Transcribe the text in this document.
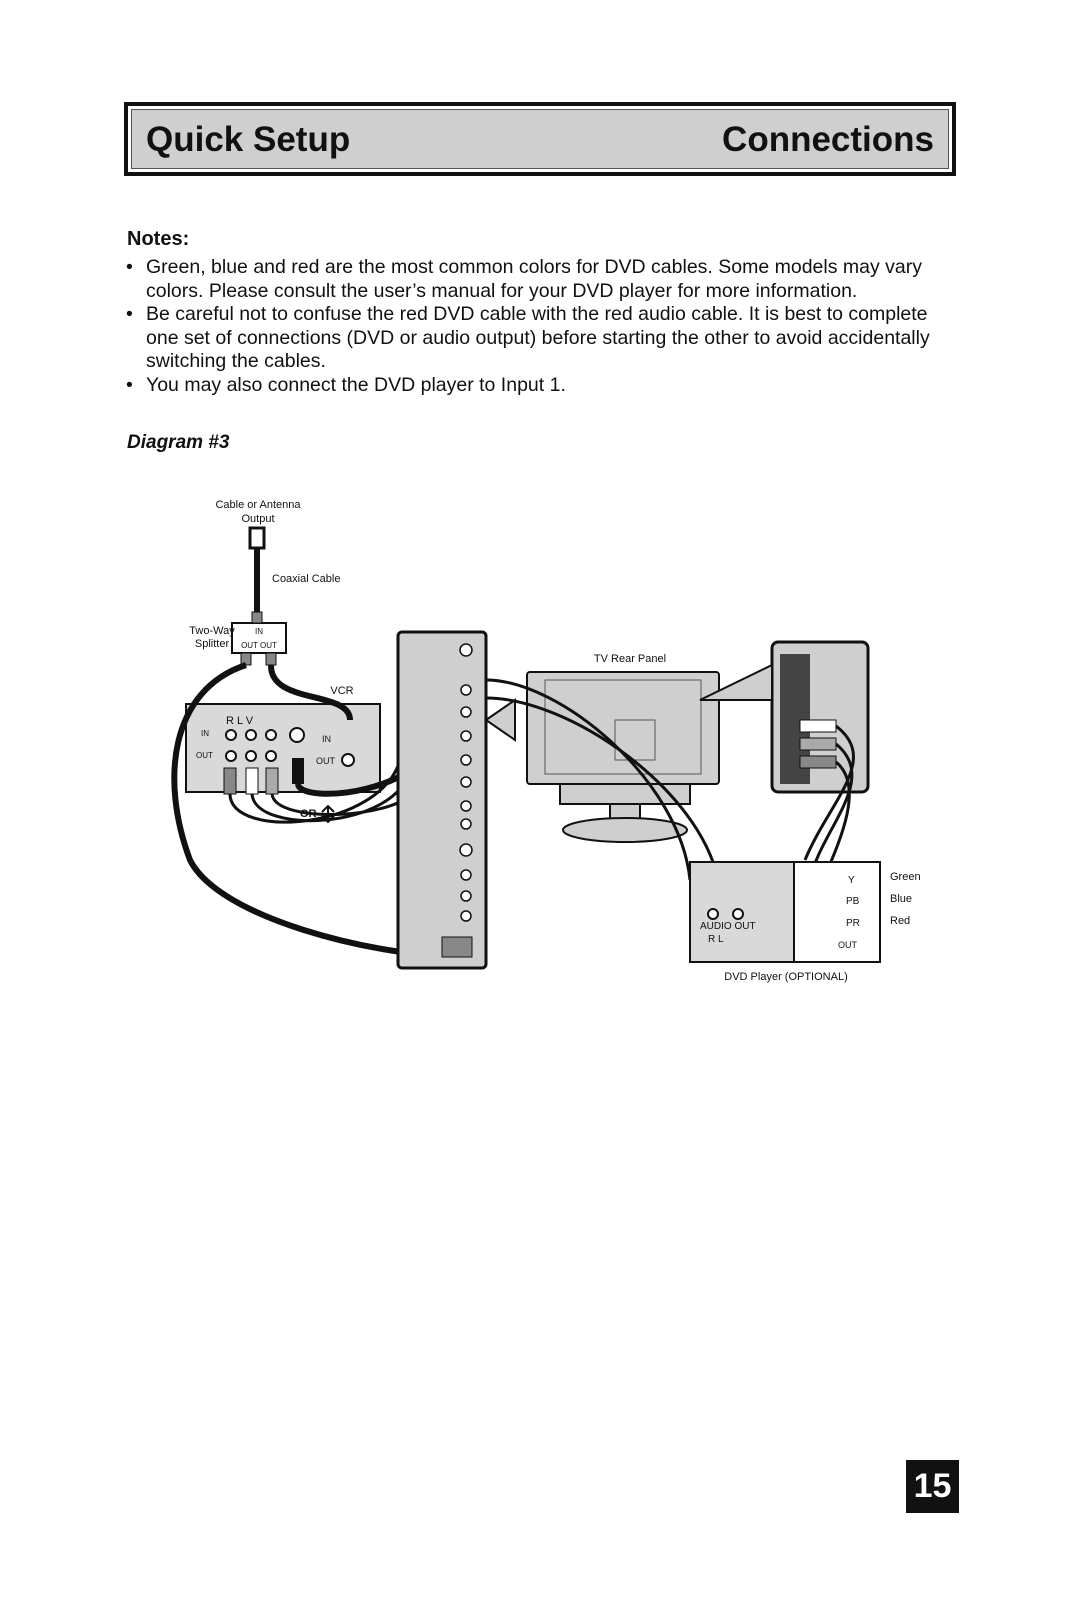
Quick Setup	Connections
Notes:
• Green, blue and red are the most common colors for DVD cables. Some models may vary colors. Please consult the user’s manual for your DVD player for more information.
• Be careful not to confuse the red DVD cable with the red audio cable. It is best to complete one set of connections (DVD or audio output) before starting the other to avoid accidentally switching the cables.
• You may also connect the DVD player to Input 1.
Diagram #3
Cable or Antenna
Output
Coaxial Cable
Two-Way
Splitter
IN
OUT OUT
VCR
R L V
IN
OUT
IN
OUT
OR
TV Rear Panel
AUDIO OUT
R L
Y
PB
PR
OUT
Green
Blue
Red
DVD Player (OPTIONAL)
15
